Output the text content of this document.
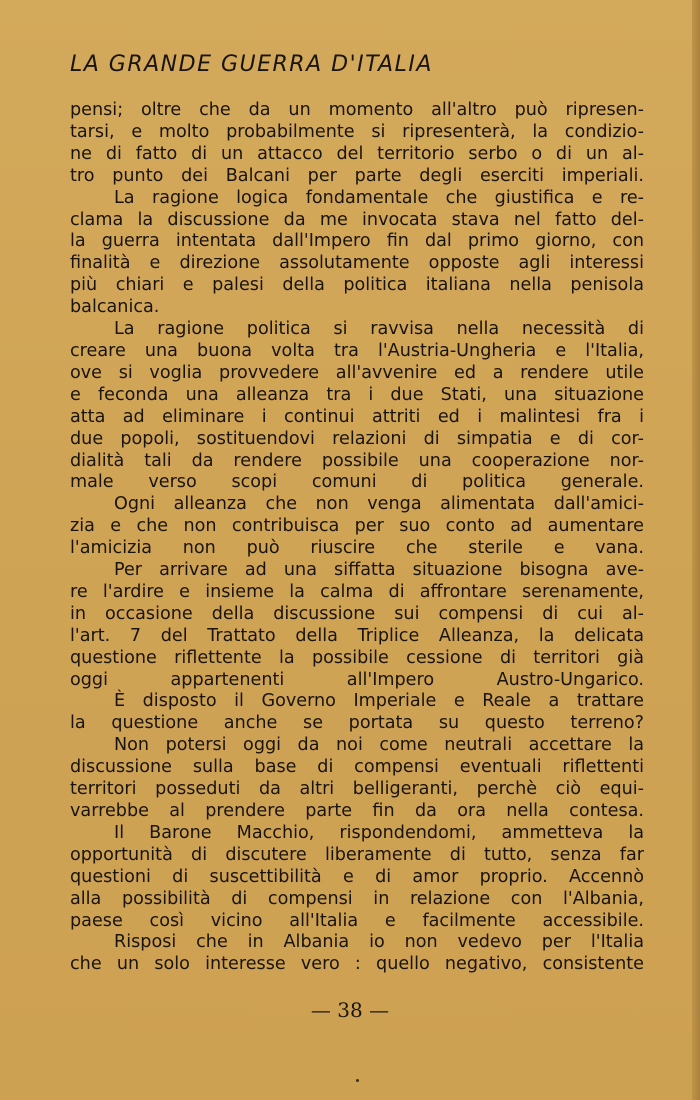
LA GRANDE GUERRA D'ITALIA

pensi; oltre che da un momento all'altro può ripresen-
tarsi, e molto probabilmente si ripresenterà, la condizio-
ne di fatto di un attacco del territorio serbo o di un al-
tro punto dei Balcani per parte degli eserciti imperiali.

La ragione logica fondamentale che giustifica e re-
clama la discussione da me invocata stava nel fatto del-
la guerra intentata dall'Impero fin dal primo giorno, con
finalità e direzione assolutamente opposte agli interessi
più chiari e palesi della politica italiana nella penisola
balcanica.

La ragione politica si ravvisa nella necessità di
creare una buona volta tra l'Austria-Ungheria e l'Italia,
ove si voglia provvedere all'avvenire ed a rendere utile
e feconda una alleanza tra i due Stati, una situazione
atta ad eliminare i continui attriti ed i malintesi fra i
due popoli, sostituendovi relazioni di simpatia e di cor-
dialità tali da rendere possibile una cooperazione nor-
male verso scopi comuni di politica generale.

Ogni alleanza che non venga alimentata dall'amici-
zia e che non contribuisca per suo conto ad aumentare
l'amicizia non può riuscire che sterile e vana.

Per arrivare ad una siffatta situazione bisogna ave-
re l'ardire e insieme la calma di affrontare serenamente,
in occasione della discussione sui compensi di cui al-
l'art. 7 del Trattato della Triplice Alleanza, la delicata
questione riflettente la possibile cessione di territori già
oggi appartenenti all'Impero Austro-Ungarico.

È disposto il Governo Imperiale e Reale a trattare
la questione anche se portata su questo terreno?

Non potersi oggi da noi come neutrali accettare la
discussione sulla base di compensi eventuali riflettenti
territori posseduti da altri belligeranti, perchè ciò equi-
varrebbe al prendere parte fin da ora nella contesa.

Il Barone Macchio, rispondendomi, ammetteva la
opportunità di discutere liberamente di tutto, senza far
questioni di suscettibilità e di amor proprio. Accennò
alla possibilità di compensi in relazione con l'Albania,
paese così vicino all'Italia e facilmente accessibile.

Risposi che in Albania io non vedevo per l'Italia
che un solo interesse vero : quello negativo, consistente

— 38 —
